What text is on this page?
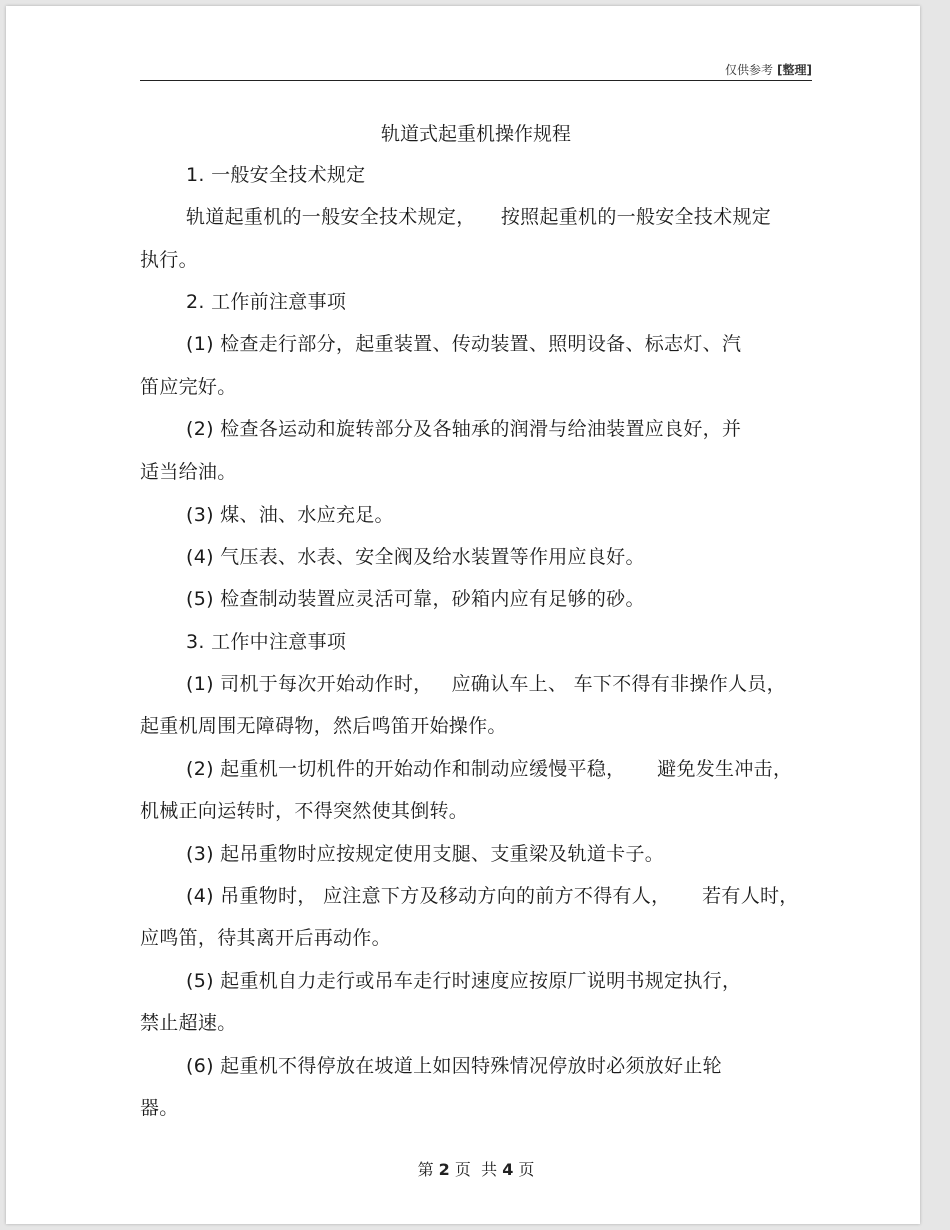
仅供参考 [整理]
轨道式起重机操作规程
1. 一般安全技术规定
轨道起重机的一般安全技术规定，    按照起重机的一般安全技术规定
执行。
2. 工作前注意事项
(1) 检查走行部分，起重装置、传动装置、照明设备、标志灯、汽
笛应完好。
(2) 检查各运动和旋转部分及各轴承的润滑与给油装置应良好，并
适当给油。
(3) 煤、油、水应充足。
(4) 气压表、水表、安全阀及给水装置等作用应良好。
(5) 检查制动装置应灵活可靠，砂箱内应有足够的砂。
3. 工作中注意事项
(1) 司机于每次开始动作时，   应确认车上、 车下不得有非操作人员，
起重机周围无障碍物，然后鸣笛开始操作。
(2) 起重机一切机件的开始动作和制动应缓慢平稳，     避免发生冲击，
机械正向运转时，不得突然使其倒转。
(3) 起吊重物时应按规定使用支腿、支重梁及轨道卡子。
(4) 吊重物时， 应注意下方及移动方向的前方不得有人，     若有人时，
应鸣笛，待其离开后再动作。
(5) 起重机自力走行或吊车走行时速度应按原厂说明书规定执行，
禁止超速。
(6) 起重机不得停放在坡道上如因特殊情况停放时必须放好止轮
器。
第 2 页  共 4 页
